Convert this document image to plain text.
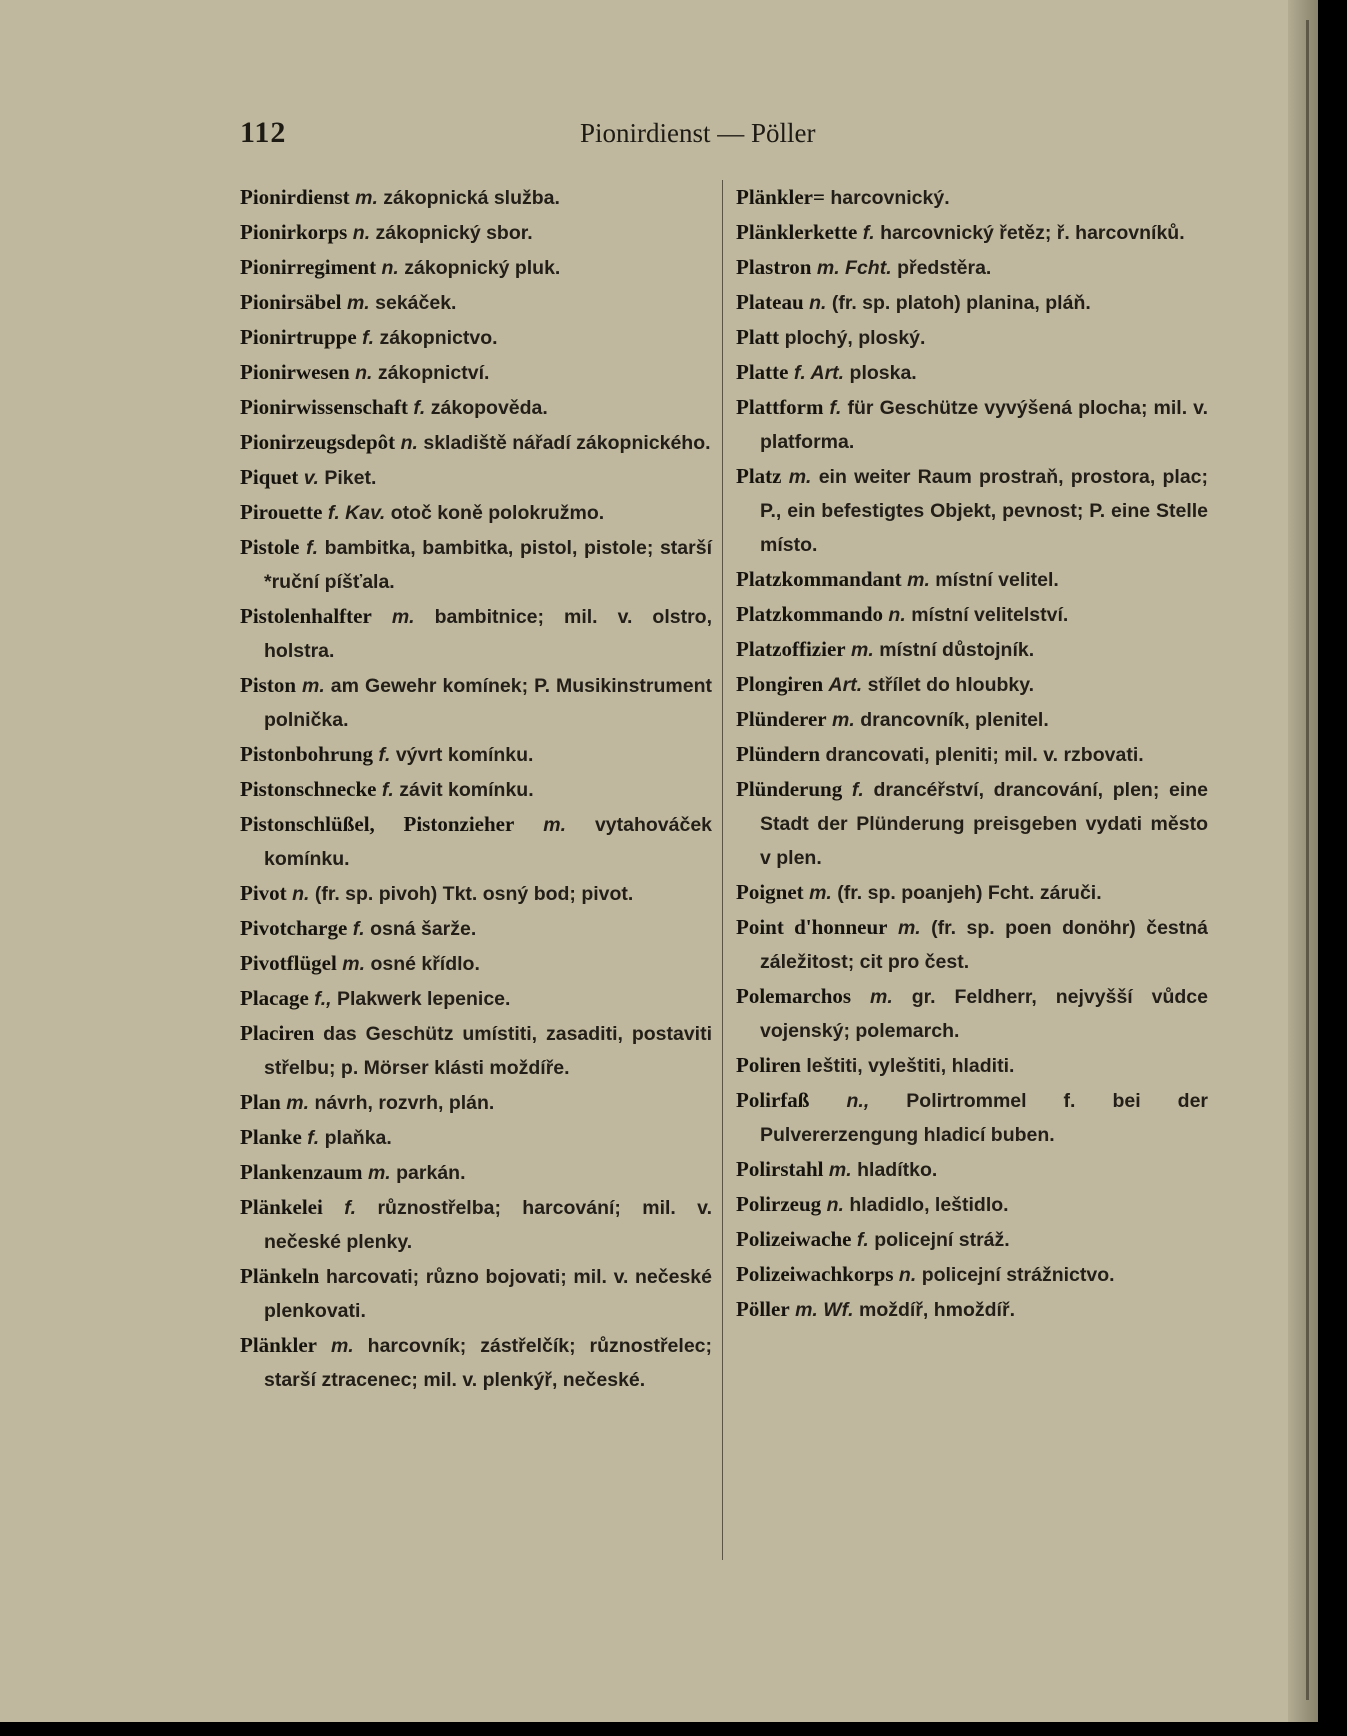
112	Pionirdienst — Pöller

Pionirdienst m. zákopnická služba.

Pionirkorps n. zákopnický sbor.

Pionirregiment n. zákopnický pluk.

Pionirsäbel m. sekáček.

Pionirtruppe f. zákopnictvo.

Pionirwesen n. zákopnictví.

Pionirwissenschaft f. zákopověda.

Pionirzeugsdepôt n. skladiště nářadí zákopnického.

Piquet v. Piket.

Pirouette f. Kav. otoč koně polokružmo.

Pistole f. bambitka, bambitka, pistol, pistole; starší *ruční píšťala.

Pistolenhalfter m. bambitnice; mil. v. olstro, holstra.

Piston m. am Gewehr komínek; P. Musikinstrument polnička.

Pistonbohrung f. vývrt komínku.

Pistonschnecke f. závit komínku.

Pistonschlüßel, Pistonzieher m. vytahováček komínku.

Pivot n. (fr. sp. pivoh) Tkt. osný bod; pivot.

Pivotcharge f. osná šarže.

Pivotflügel m. osné křídlo.

Placage f., Plakwerk lepenice.

Placiren das Geschütz umístiti, zasaditi, postaviti střelbu; p. Mörser klásti moždíře.

Plan m. návrh, rozvrh, plán.

Planke f. plaňka.

Plankenzaum m. parkán.

Plänkelei f. různostřelba; harcování; mil. v. nečeské plenky.

Plänkeln harcovati; různo bojovati; mil. v. nečeské plenkovati.

Plänkler m. harcovník; zástřelčík; různostřelec; starší ztracenec; mil. v. plenkýř, nečeské.

Plänkler= harcovnický.

Plänklerkette f. harcovnický řetěz; ř. harcovníků.

Plastron m. Fcht. předstěra.

Plateau n. (fr. sp. platoh) planina, pláň.

Platt plochý, ploský.

Platte f. Art. ploska.

Plattform f. für Geschütze vyvýšená plocha; mil. v. platforma.

Platz m. ein weiter Raum prostraň, prostora, plac; P., ein befestigtes Objekt, pevnost; P. eine Stelle místo.

Platzkommandant m. místní velitel.

Platzkommando n. místní velitelství.

Platzoffizier m. místní důstojník.

Plongiren Art. střílet do hloubky.

Plünderer m. drancovník, plenitel.

Plündern drancovati, pleniti; mil. v. rzbovati.

Plünderung f. drancéřství, drancování, plen; eine Stadt der Plünderung preisgeben vydati město v plen.

Poignet m. (fr. sp. poanjeh) Fcht. záruči.

Point d'honneur m. (fr. sp. poen donöhr) čestná záležitost; cit pro čest.

Polemarchos m. gr. Feldherr, nejvyšší vůdce vojenský; polemarch.

Poliren leštiti, vyleštiti, hladiti.

Polirfaß n., Polirtrommel f. bei der Pulvererzengung hladicí buben.

Polirstahl m. hladítko.

Polirzeug n. hladidlo, leštidlo.

Polizeiwache f. policejní stráž.

Polizeiwachkorps n. policejní strážnictvo.

Pöller m. Wf. moždíř, hmoždíř.
